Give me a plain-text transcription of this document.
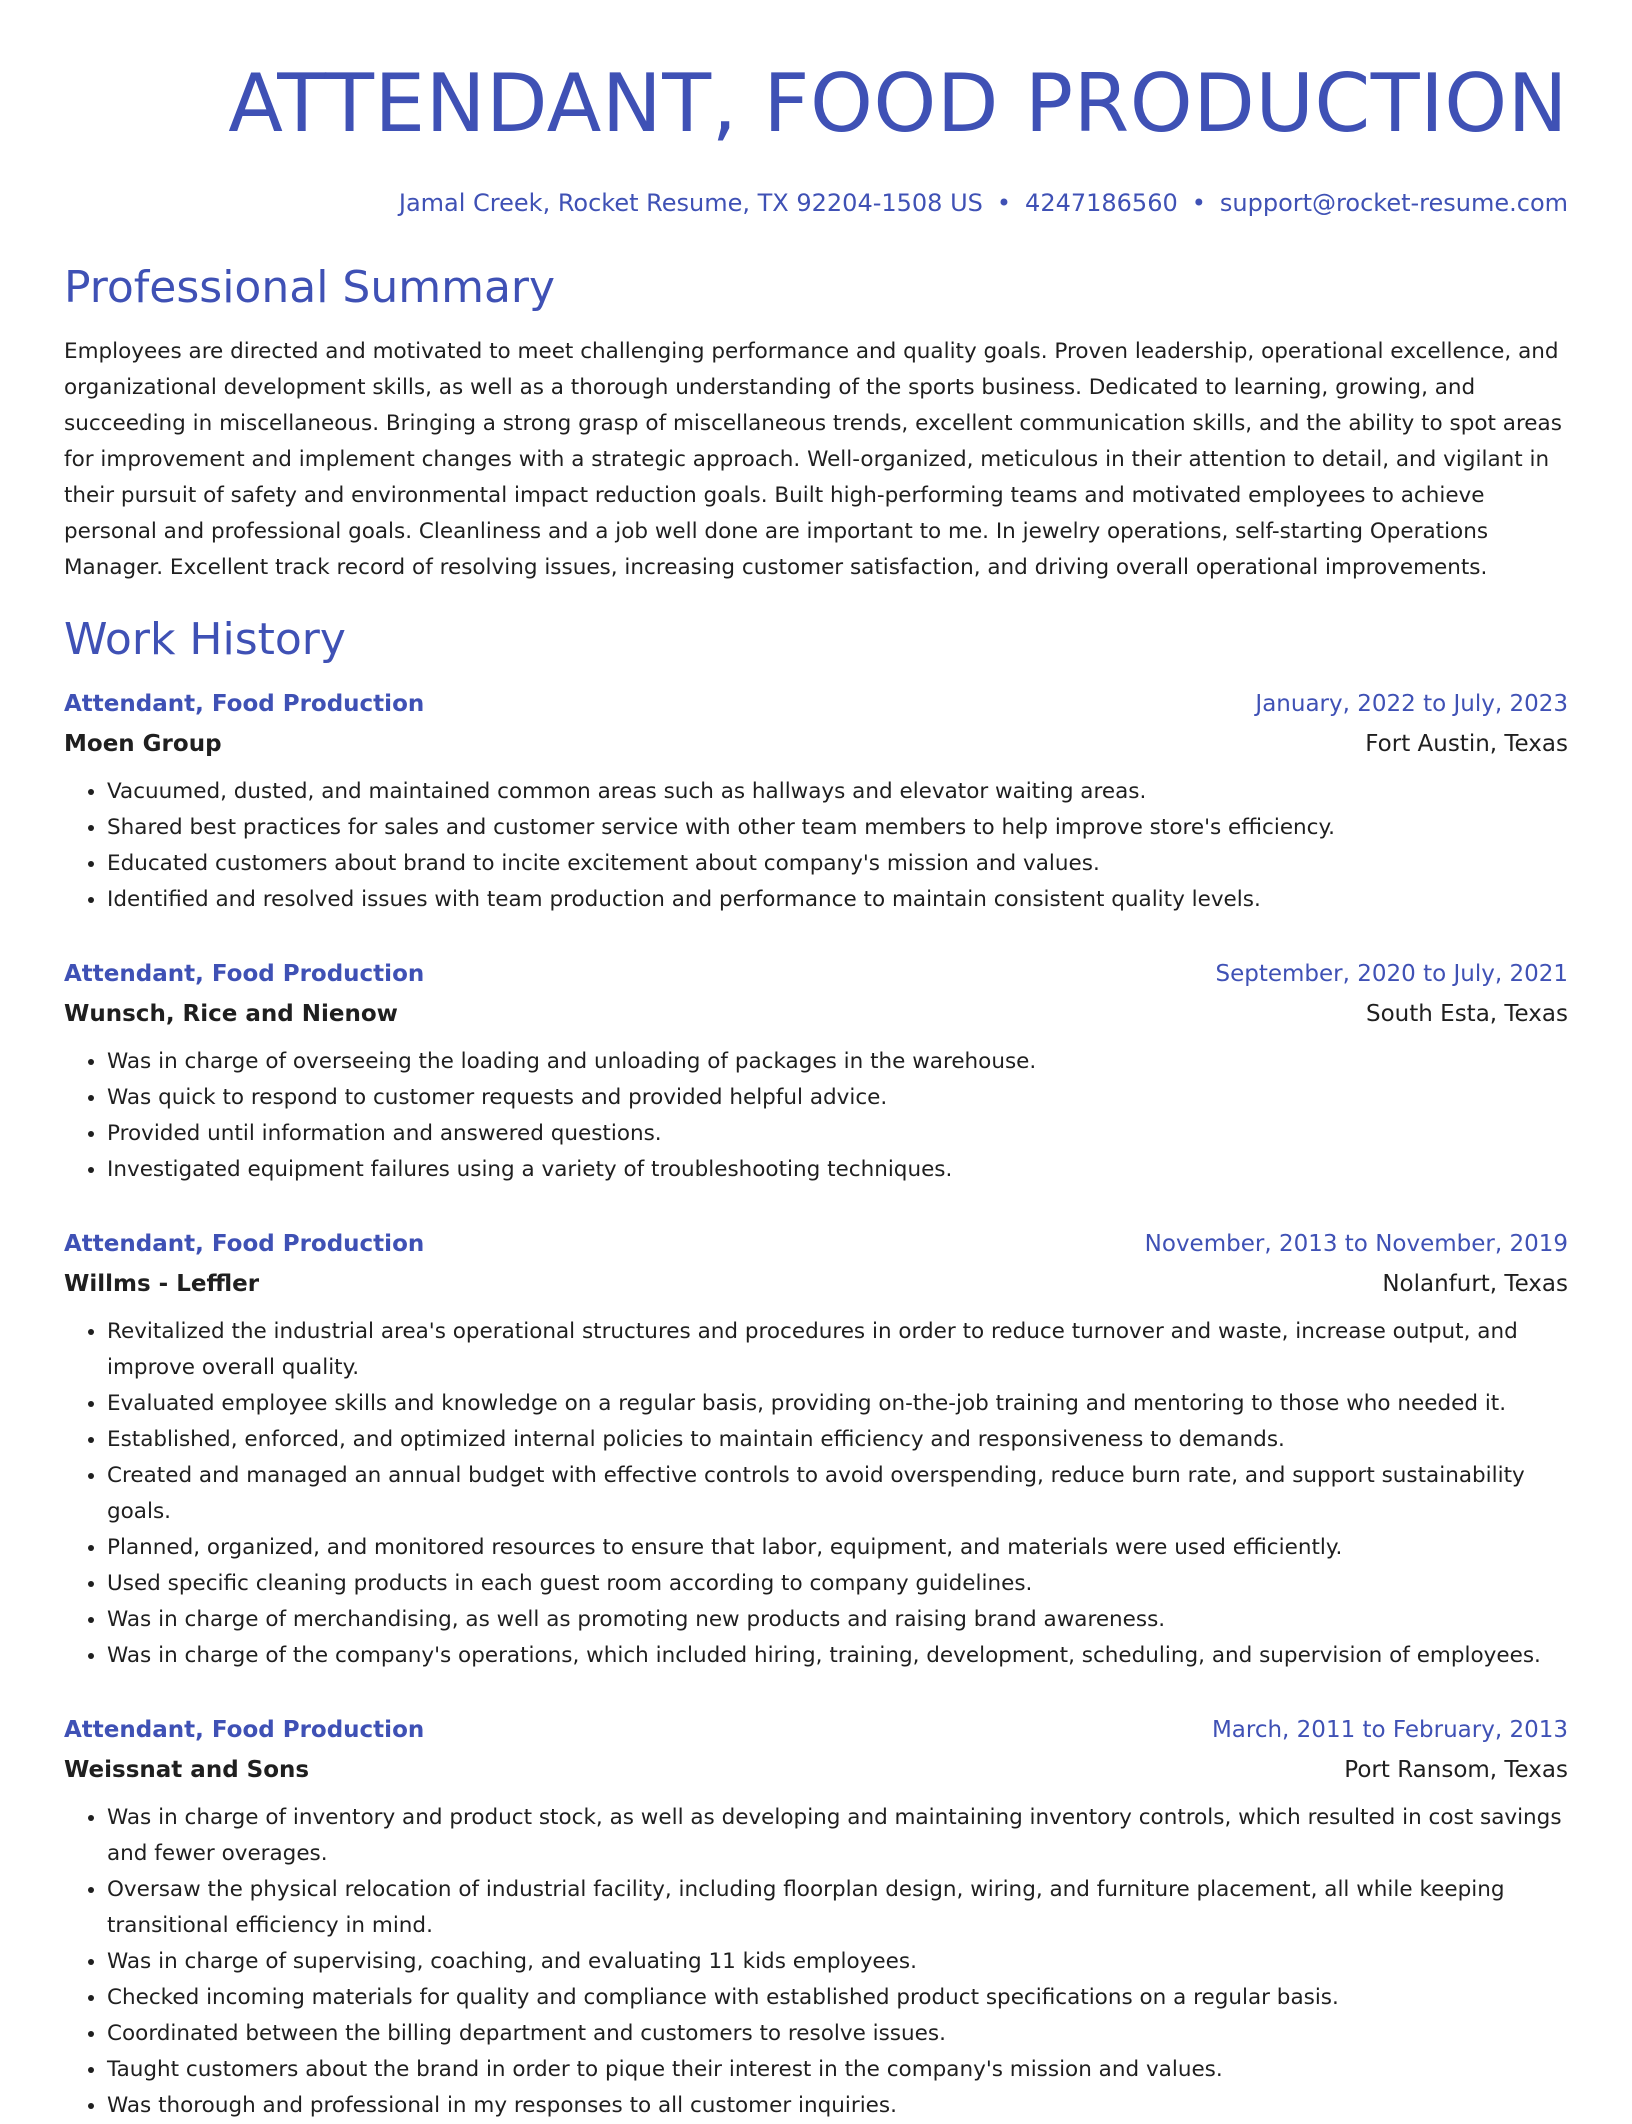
ATTENDANT, FOOD PRODUCTION
Jamal Creek, Rocket Resume, TX 92204-1508 US • 4247186560 • support@rocket-resume.com
Professional Summary
Employees are directed and motivated to meet challenging performance and quality goals. Proven leadership, operational excellence, and organizational development skills, as well as a thorough understanding of the sports business. Dedicated to learning, growing, and succeeding in miscellaneous. Bringing a strong grasp of miscellaneous trends, excellent communication skills, and the ability to spot areas for improvement and implement changes with a strategic approach. Well-organized, meticulous in their attention to detail, and vigilant in their pursuit of safety and environmental impact reduction goals. Built high-performing teams and motivated employees to achieve personal and professional goals. Cleanliness and a job well done are important to me. In jewelry operations, self-starting Operations Manager. Excellent track record of resolving issues, increasing customer satisfaction, and driving overall operational improvements.
Work History
Attendant, Food Production	January, 2022 to July, 2023
Moen Group	Fort Austin, Texas
• Vacuumed, dusted, and maintained common areas such as hallways and elevator waiting areas.
• Shared best practices for sales and customer service with other team members to help improve store's efficiency.
• Educated customers about brand to incite excitement about company's mission and values.
• Identified and resolved issues with team production and performance to maintain consistent quality levels.
Attendant, Food Production	September, 2020 to July, 2021
Wunsch, Rice and Nienow	South Esta, Texas
• Was in charge of overseeing the loading and unloading of packages in the warehouse.
• Was quick to respond to customer requests and provided helpful advice.
• Provided until information and answered questions.
• Investigated equipment failures using a variety of troubleshooting techniques.
Attendant, Food Production	November, 2013 to November, 2019
Willms - Leffler	Nolanfurt, Texas
• Revitalized the industrial area's operational structures and procedures in order to reduce turnover and waste, increase output, and improve overall quality.
• Evaluated employee skills and knowledge on a regular basis, providing on-the-job training and mentoring to those who needed it.
• Established, enforced, and optimized internal policies to maintain efficiency and responsiveness to demands.
• Created and managed an annual budget with effective controls to avoid overspending, reduce burn rate, and support sustainability goals.
• Planned, organized, and monitored resources to ensure that labor, equipment, and materials were used efficiently.
• Used specific cleaning products in each guest room according to company guidelines.
• Was in charge of merchandising, as well as promoting new products and raising brand awareness.
• Was in charge of the company's operations, which included hiring, training, development, scheduling, and supervision of employees.
Attendant, Food Production	March, 2011 to February, 2013
Weissnat and Sons	Port Ransom, Texas
• Was in charge of inventory and product stock, as well as developing and maintaining inventory controls, which resulted in cost savings and fewer overages.
• Oversaw the physical relocation of industrial facility, including floorplan design, wiring, and furniture placement, all while keeping transitional efficiency in mind.
• Was in charge of supervising, coaching, and evaluating 11 kids employees.
• Checked incoming materials for quality and compliance with established product specifications on a regular basis.
• Coordinated between the billing department and customers to resolve issues.
• Taught customers about the brand in order to pique their interest in the company's mission and values.
• Was thorough and professional in my responses to all customer inquiries.
